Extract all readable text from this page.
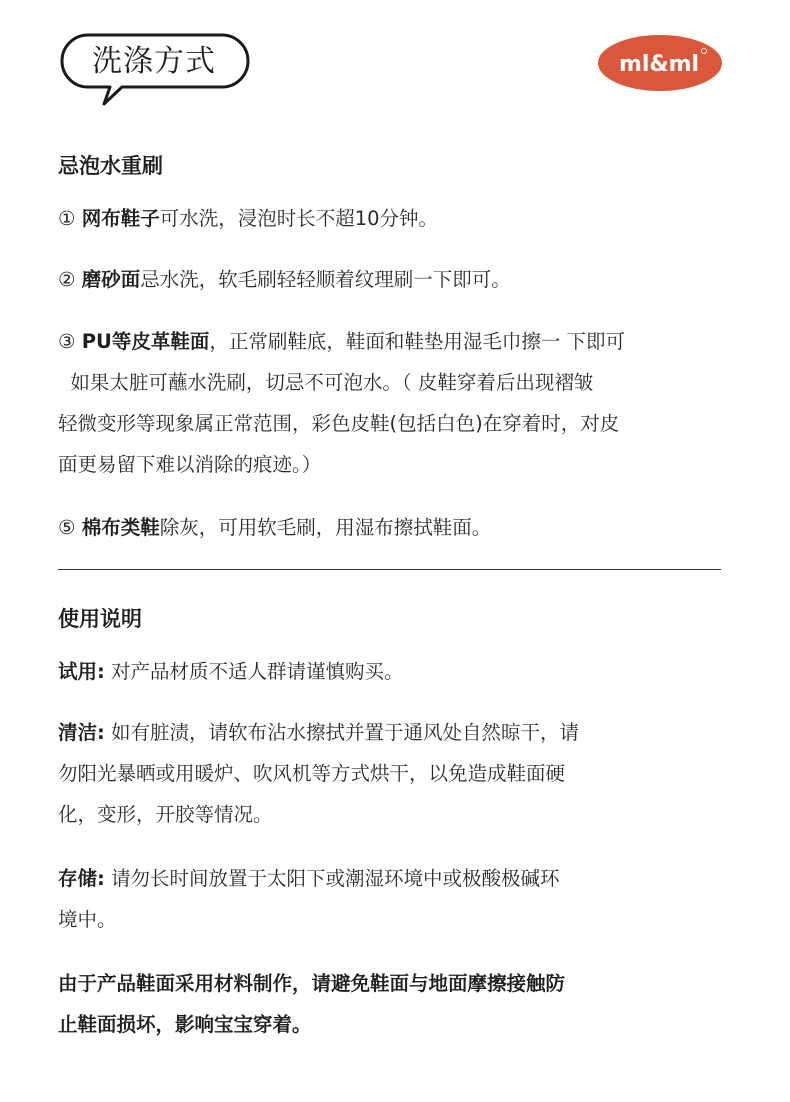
洗涤方式	ml&ml
忌泡水重刷

① 网布鞋子可水洗，浸泡时长不超10分钟。

② 磨砂面忌水洗，软毛刷轻轻顺着纹理刷一下即可。

③ PU等皮革鞋面，正常刷鞋底，鞋面和鞋垫用湿毛巾擦一 下即可
如果太脏可蘸水洗刷，切忌不可泡水。（ 皮鞋穿着后出现褶皱
轻微变形等现象属正常范围，彩色皮鞋(包括白色)在穿着时，对皮
面更易留下难以消除的痕迹。）

⑤ 棉布类鞋除灰，可用软毛刷，用湿布擦拭鞋面。

使用说明

试用: 对产品材质不适人群请谨慎购买。

清洁: 如有脏渍，请软布沾水擦拭并置于通风处自然晾干，请
勿阳光暴晒或用暖炉、吹风机等方式烘干，以免造成鞋面硬
化，变形，开胶等情况。

存储: 请勿长时间放置于太阳下或潮湿环境中或极酸极碱环
境中。

由于产品鞋面采用材料制作，请避免鞋面与地面摩擦接触防
止鞋面损坏，影响宝宝穿着。
